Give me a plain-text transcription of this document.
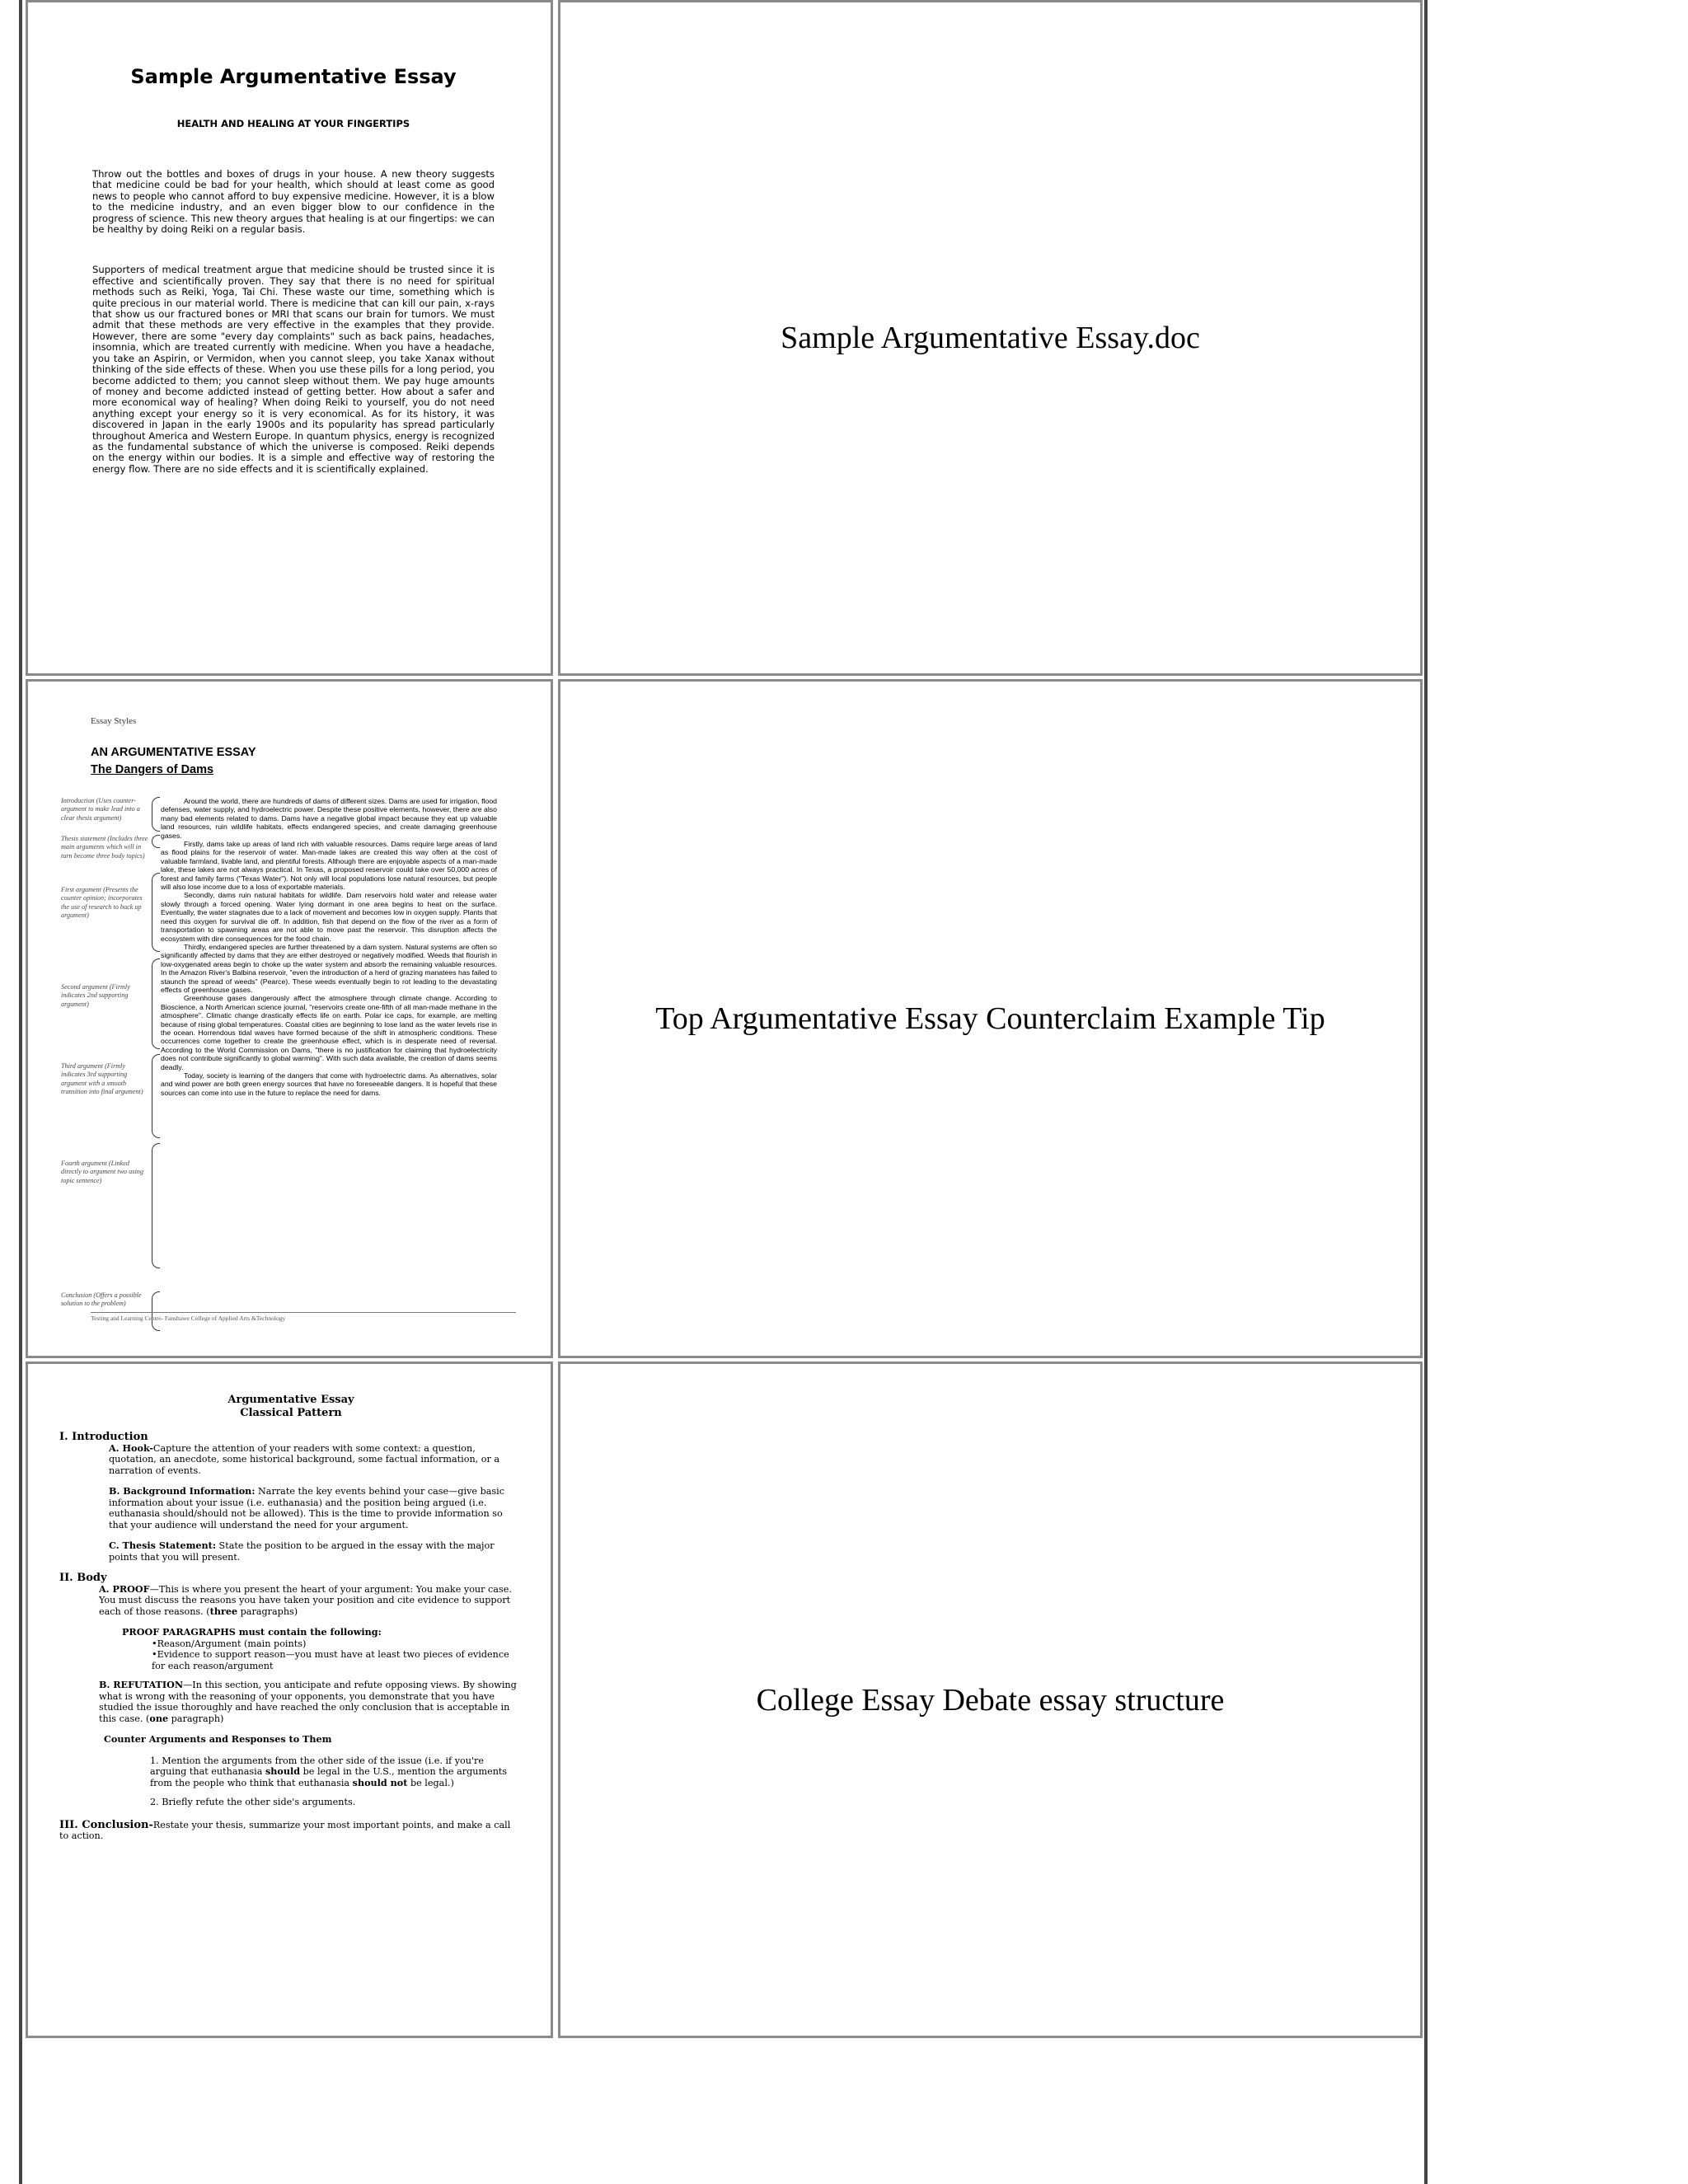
Sample Argumentative Essay
HEALTH AND HEALING AT YOUR FINGERTIPS

Throw out the bottles and boxes of drugs in your house. A new theory suggests that medicine could be bad for your health, which should at least come as good news to people who cannot afford to buy expensive medicine. However, it is a blow to the medicine industry, and an even bigger blow to our confidence in the progress of science. This new theory argues that healing is at our fingertips: we can be healthy by doing Reiki on a regular basis.

Supporters of medical treatment argue that medicine should be trusted since it is effective and scientifically proven. They say that there is no need for spiritual methods such as Reiki, Yoga, Tai Chi. These waste our time, something which is quite precious in our material world. There is medicine that can kill our pain, x-rays that show us our fractured bones or MRI that scans our brain for tumors. We must admit that these methods are very effective in the examples that they provide. However, there are some "every day complaints" such as back pains, headaches, insomnia, which are treated currently with medicine. When you have a headache, you take an Aspirin, or Vermidon, when you cannot sleep, you take Xanax without thinking of the side effects of these. When you use these pills for a long period, you become addicted to them; you cannot sleep without them. We pay huge amounts of money and become addicted instead of getting better. How about a safer and more economical way of healing? When doing Reiki to yourself, you do not need anything except your energy so it is very economical. As for its history, it was discovered in Japan in the early 1900s and its popularity has spread particularly throughout America and Western Europe. In quantum physics, energy is recognized as the fundamental substance of which the universe is composed. Reiki depends on the energy within our bodies. It is a simple and effective way of restoring the energy flow. There are no side effects and it is scientifically explained.

Sample Argumentative Essay.doc
Essay Styles
AN ARGUMENTATIVE ESSAY
The Dangers of Dams
Introduction (Uses counter-argument to make lead into a clear thesis argument)
Thesis statement (Includes three main arguments which will in turn become three body topics)
First argument (Presents the counter opinion; incorporates the use of research to back up argument)
Second argument (Firmly indicates 2nd supporting argument)
Third argument (Firmly indicates 3rd supporting argument with a smooth transition into final argument)
Fourth argument (Linked directly to argument two using topic sentence)
Conclusion (Offers a possible solution to the problem)

Around the world, there are hundreds of dams of different sizes. Dams are used for irrigation, flood defenses, water supply, and hydroelectric power. Despite these positive elements, however, there are also many bad elements related to dams. Dams have a negative global impact because they eat up valuable land resources, ruin wildlife habitats, effects endangered species, and create damaging greenhouse gases.

Firstly, dams take up areas of land rich with valuable resources. Dams require large areas of land as flood plains for the reservoir of water. Man-made lakes are created this way often at the cost of valuable farmland, livable land, and plentiful forests. Although there are enjoyable aspects of a man-made lake, these lakes are not always practical. In Texas, a proposed reservoir could take over 50,000 acres of forest and family farms ("Texas Water"). Not only will local populations lose natural resources, but people will also lose income due to a loss of exportable materials.

Secondly, dams ruin natural habitats for wildlife. Dam reservoirs hold water and release water slowly through a forced opening. Water lying dormant in one area begins to heat on the surface. Eventually, the water stagnates due to a lack of movement and becomes low in oxygen supply. Plants that need this oxygen for survival die off. In addition, fish that depend on the flow of the river as a form of transportation to spawning areas are not able to move past the reservoir. This disruption affects the ecosystem with dire consequences for the food chain.

Thirdly, endangered species are further threatened by a dam system. Natural systems are often so significantly affected by dams that they are either destroyed or negatively modified. Weeds that flourish in low-oxygenated areas begin to choke up the water system and absorb the remaining valuable resources. In the Amazon River's Balbina reservoir, "even the introduction of a herd of grazing manatees has failed to staunch the spread of weeds" (Pearce). These weeds eventually begin to rot leading to the devastating effects of greenhouse gases.

Greenhouse gases dangerously affect the atmosphere through climate change. According to Bioscience, a North American science journal, "reservoirs create one-fifth of all man-made methane in the atmosphere". Climatic change drastically effects life on earth. Polar ice caps, for example, are melting because of rising global temperatures. Coastal cities are beginning to lose land as the water levels rise in the ocean. Horrendous tidal waves have formed because of the shift in atmospheric conditions. These occurrences come together to create the greenhouse effect, which is in desperate need of reversal. According to the World Commission on Dams, "there is no justification for claiming that hydroelectricity does not contribute significantly to global warming". With such data available, the creation of dams seems deadly.

Today, society is learning of the dangers that come with hydroelectric dams. As alternatives, solar and wind power are both green energy sources that have no foreseeable dangers. It is hopeful that these sources can come into use in the future to replace the need for dams.

Testing and Learning Centre- Fanshawe College of Applied Arts &Technology
Top Argumentative Essay Counterclaim Example Tip
Argumentative Essay
Classical Pattern
I. Introduction
A. Hook-Capture the attention of your readers with some context: a question, quotation, an anecdote, some historical background, some factual information, or a narration of events.
B. Background Information: Narrate the key events behind your case—give basic information about your issue (i.e. euthanasia) and the position being argued (i.e. euthanasia should/should not be allowed). This is the time to provide information so that your audience will understand the need for your argument.
C. Thesis Statement: State the position to be argued in the essay with the major points that you will present.
II. Body
A. PROOF—This is where you present the heart of your argument: You make your case. You must discuss the reasons you have taken your position and cite evidence to support each of those reasons. (three paragraphs)
PROOF PARAGRAPHS must contain the following:
•Reason/Argument (main points)
•Evidence to support reason—you must have at least two pieces of evidence for each reason/argument
B. REFUTATION—In this section, you anticipate and refute opposing views. By showing what is wrong with the reasoning of your opponents, you demonstrate that you have studied the issue thoroughly and have reached the only conclusion that is acceptable in this case. (one paragraph)
Counter Arguments and Responses to Them
1. Mention the arguments from the other side of the issue (i.e. if you're arguing that euthanasia should be legal in the U.S., mention the arguments from the people who think that euthanasia should not be legal.)
2. Briefly refute the other side's arguments.
III. Conclusion-Restate your thesis, summarize your most important points, and make a call to action.
College Essay Debate essay structure
